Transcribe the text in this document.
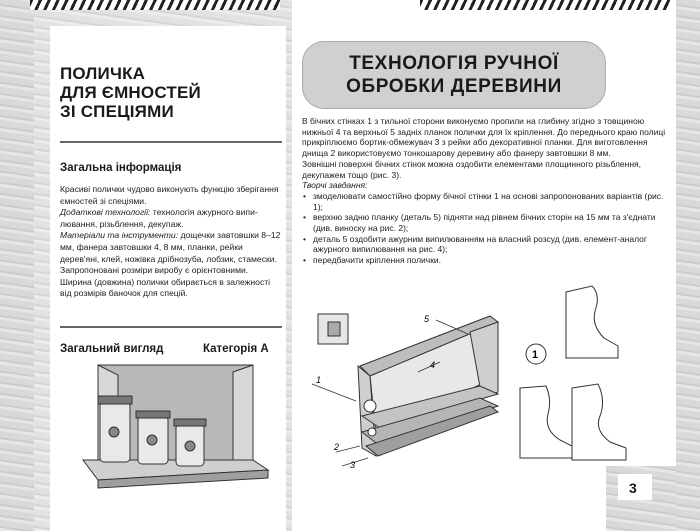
ПОЛИЧКА
ДЛЯ ЄМНОСТЕЙ
ЗІ СПЕЦІЯМИ
Загальна інформація

Красиві полички чудово виконують функцію зберігання ємностей зі спеціями.

Додаткові технології: технологія ажурного випилювання, різьблення, декупаж.

Матеріали та інструменти: дощечки завтовшки 8–12 мм, фанера завтовшки 4, 8 мм, планки, рейки дерев'яні, клей, ножівка дрібнозуба, лобзик, стамески.

Запропоновані розміри виробу є орієнтовними. Ширина (довжина) полички обирається в залежності від розмірів баночок для спецій.

Загальний вигляд	Категорія А
ТЕХНОЛОГІЯ РУЧНОЇ
ОБРОБКИ ДЕРЕВИНИ

В бічних стінках 1 з тильної сторони виконуємо пропили на глибину згідно з товщиною нижньої 4 та верхньої 5 задніх планок полички для їх кріплення. До переднього краю полиці прикріплюємо бортик-обмежувач 3 з рейки або декоративної планки. Для виготовлення днища 2 використовуємо тонкошарову деревину або фанеру завтовшки 8 мм.

Зовнішні поверхні бічних стінок можна оздобити елементами площинного різьблення, декупажем тощо (рис. 3).

Творчі завдання:

• змоделювати самостійно форму бічної стінки 1 на основі запропонованих варіантів (рис. 1);
• верхню задню планку (деталь 5) підняти над рівнем бічних сторін на 15 мм та з'єднати (див. виноску на рис. 2);
• деталь 5 оздобити ажурним випилюванням на власний розсуд (див. елемент-аналог ажурного випилювання на рис. 4);
• передбачити кріплення полички.
1
2
3
4
5
1
3
